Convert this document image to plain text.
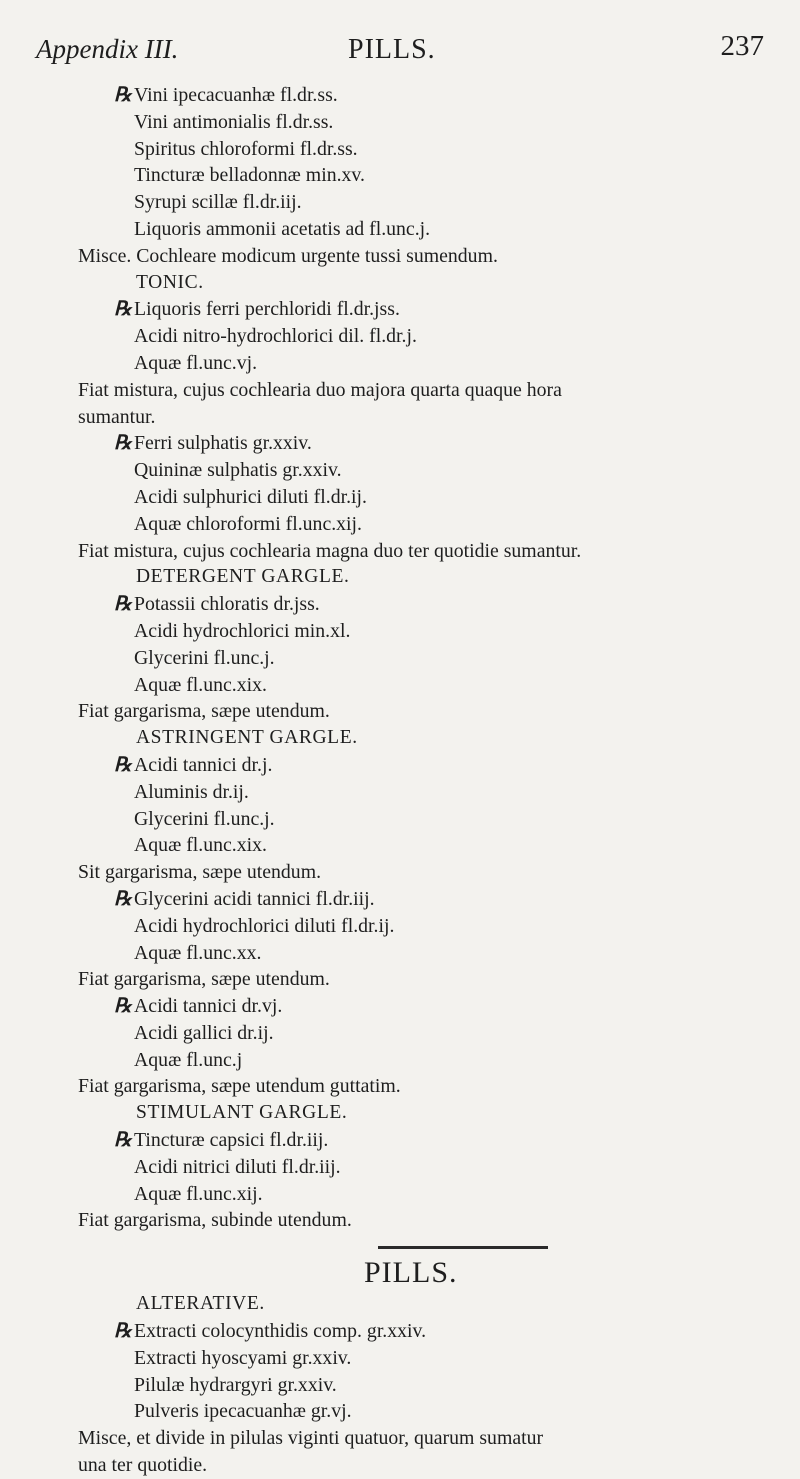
Appendix III.	PILLS.	237
℞ Vini ipecacuanhæ fl.dr.ss.
Vini antimonialis fl.dr.ss.
Spiritus chloroformi fl.dr.ss.
Tincturæ belladonnæ min.xv.
Syrupi scillæ fl.dr.iij.
Liquoris ammonii acetatis ad fl.unc.j.
Misce. Cochleare modicum urgente tussi sumendum.
TONIC.
℞ Liquoris ferri perchloridi fl.dr.jss.
Acidi nitro-hydrochlorici dil. fl.dr.j.
Aquæ fl.unc.vj.
Fiat mistura, cujus cochlearia duo majora quarta quaque hora
sumantur.
℞ Ferri sulphatis gr.xxiv.
Quininæ sulphatis gr.xxiv.
Acidi sulphurici diluti fl.dr.ij.
Aquæ chloroformi fl.unc.xij.
Fiat mistura, cujus cochlearia magna duo ter quotidie sumantur.
DETERGENT GARGLE.
℞ Potassii chloratis dr.jss.
Acidi hydrochlorici min.xl.
Glycerini fl.unc.j.
Aquæ fl.unc.xix.
Fiat gargarisma, sæpe utendum.
ASTRINGENT GARGLE.
℞ Acidi tannici dr.j.
Aluminis dr.ij.
Glycerini fl.unc.j.
Aquæ fl.unc.xix.
Sit gargarisma, sæpe utendum.
℞ Glycerini acidi tannici fl.dr.iij.
Acidi hydrochlorici diluti fl.dr.ij.
Aquæ fl.unc.xx.
Fiat gargarisma, sæpe utendum.
℞ Acidi tannici dr.vj.
Acidi gallici dr.ij.
Aquæ fl.unc.j
Fiat gargarisma, sæpe utendum guttatim.
STIMULANT GARGLE.
℞ Tincturæ capsici fl.dr.iij.
Acidi nitrici diluti fl.dr.iij.
Aquæ fl.unc.xij.
Fiat gargarisma, subinde utendum.
PILLS.
ALTERATIVE.
℞ Extracti colocynthidis comp. gr.xxiv.
Extracti hyoscyami gr.xxiv.
Pilulæ hydrargyri gr.xxiv.
Pulveris ipecacuanhæ gr.vj.
Misce, et divide in pilulas viginti quatuor, quarum sumatur
una ter quotidie.
